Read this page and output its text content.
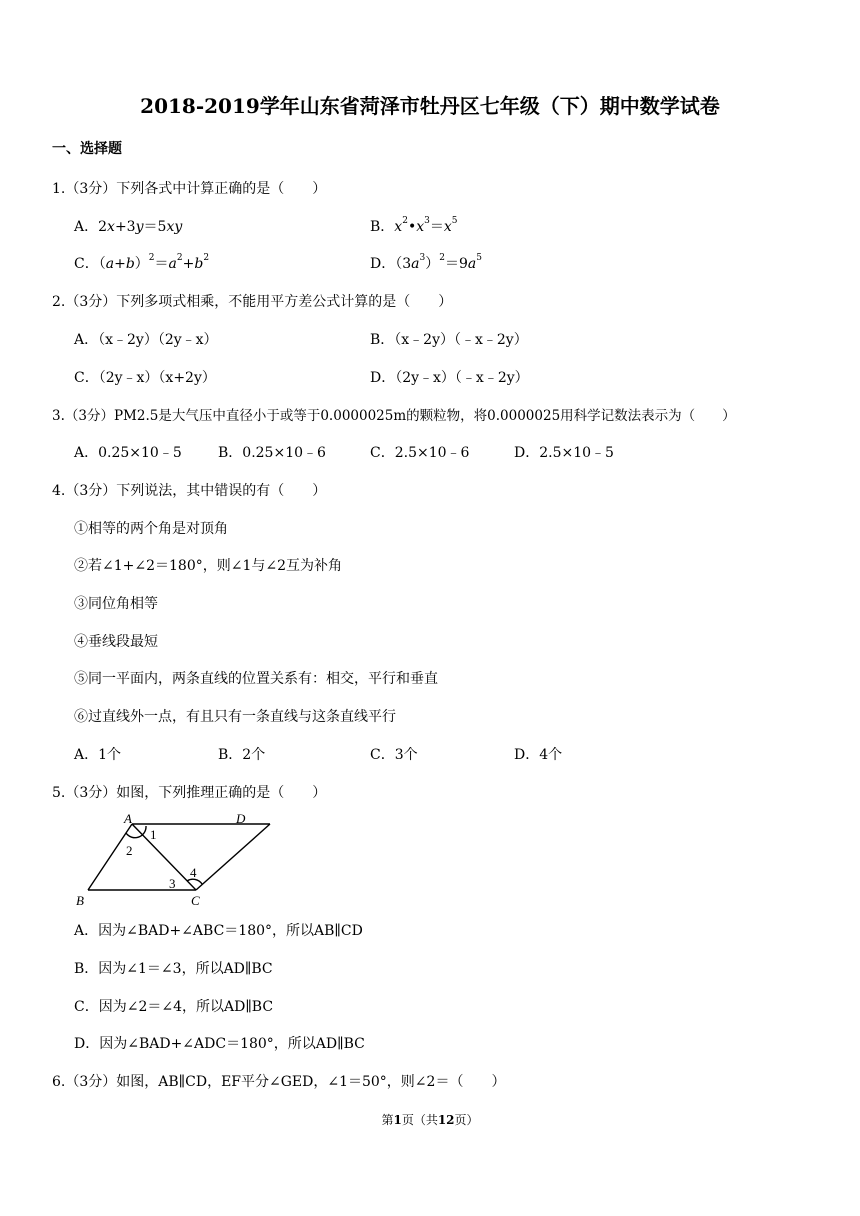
2018-2019学年山东省菏泽市牡丹区七年级（下）期中数学试卷
一、选择题
1.（3分）下列各式中计算正确的是（　　）
A．2x+3y＝5xy	B．$x^2•x^3=x^5$
C．$(a+b)^2=a^2+b^2$	D．$(3a^3)^2=9a^5$
2.（3分）下列多项式相乘，不能用平方差公式计算的是（　　）
A．（x﹣2y）（2y﹣x）	B．（x﹣2y）（﹣x﹣2y）
C．（2y﹣x）（x+2y）	D．（2y﹣x）（﹣x﹣2y）
3.（3分）PM2.5是大气压中直径小于或等于0.0000025m的颗粒物，将0.0000025用科学记数法表示为（　　）
A．0.25×10﹣5	B．0.25×10﹣6	C．2.5×10﹣6	D．2.5×10﹣5
4.（3分）下列说法，其中错误的有（　　）
①相等的两个角是对顶角
②若∠1+∠2＝180°，则∠1与∠2互为补角
③同位角相等
④垂线段最短
⑤同一平面内，两条直线的位置关系有：相交，平行和垂直
⑥过直线外一点，有且只有一条直线与这条直线平行
A．1个	B．2个	C．3个	D．4个
5.（3分）如图，下列推理正确的是（　　）
A	D
B	C
1
2
3
4
A．因为∠BAD+∠ABC＝180°，所以AB∥CD
B．因为∠1＝∠3，所以AD∥BC
C．因为∠2＝∠4，所以AD∥BC
D．因为∠BAD+∠ADC＝180°，所以AD∥BC
6.（3分）如图，AB∥CD，EF平分∠GED，∠1＝50°，则∠2＝（　　）
第1页（共12页）
